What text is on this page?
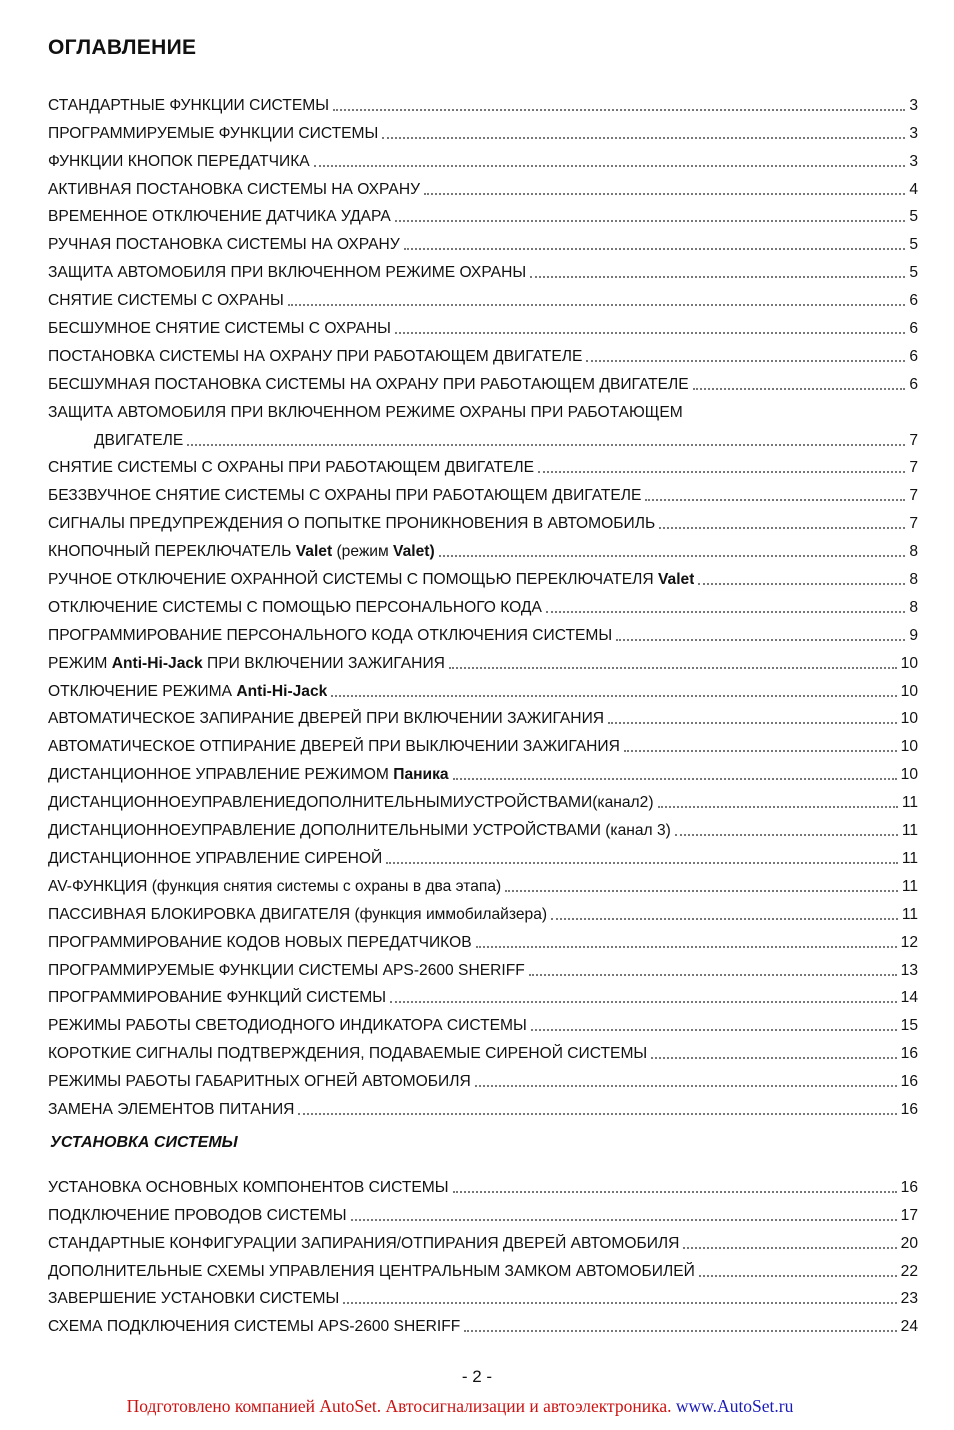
ОГЛАВЛЕНИЕ
СТАНДАРТНЫЕ ФУНКЦИИ СИСТЕМЫ	3
ПРОГРАММИРУЕМЫЕ ФУНКЦИИ СИСТЕМЫ	3
ФУНКЦИИ КНОПОК ПЕРЕДАТЧИКА	3
АКТИВНАЯ ПОСТАНОВКА СИСТЕМЫ НА ОХРАНУ	4
ВРЕМЕННОЕ ОТКЛЮЧЕНИЕ ДАТЧИКА УДАРА	5
РУЧНАЯ ПОСТАНОВКА СИСТЕМЫ НА ОХРАНУ	5
ЗАЩИТА АВТОМОБИЛЯ ПРИ ВКЛЮЧЕННОМ РЕЖИМЕ ОХРАНЫ	5
СНЯТИЕ СИСТЕМЫ С ОХРАНЫ	6
БЕСШУМНОЕ СНЯТИЕ СИСТЕМЫ С ОХРАНЫ	6
ПОСТАНОВКА СИСТЕМЫ НА ОХРАНУ ПРИ РАБОТАЮЩЕМ ДВИГАТЕЛЕ	6
БЕСШУМНАЯ ПОСТАНОВКА СИСТЕМЫ НА ОХРАНУ ПРИ РАБОТАЮЩЕМ ДВИГАТЕЛЕ	6
ЗАЩИТА АВТОМОБИЛЯ ПРИ ВКЛЮЧЕННОМ РЕЖИМЕ ОХРАНЫ ПРИ РАБОТАЮЩЕМ
ДВИГАТЕЛЕ	7
СНЯТИЕ СИСТЕМЫ С ОХРАНЫ ПРИ РАБОТАЮЩЕМ ДВИГАТЕЛЕ	7
БЕЗЗВУЧНОЕ СНЯТИЕ СИСТЕМЫ С ОХРАНЫ ПРИ РАБОТАЮЩЕМ ДВИГАТЕЛЕ	7
СИГНАЛЫ ПРЕДУПРЕЖДЕНИЯ О ПОПЫТКЕ ПРОНИКНОВЕНИЯ В АВТОМОБИЛЬ	7
КНОПОЧНЫЙ ПЕРЕКЛЮЧАТЕЛЬ Valet (режим Valet)	8
РУЧНОЕ ОТКЛЮЧЕНИЕ ОХРАННОЙ СИСТЕМЫ С ПОМОЩЬЮ ПЕРЕКЛЮЧАТЕЛЯ Valet	8
ОТКЛЮЧЕНИЕ СИСТЕМЫ С ПОМОЩЬЮ ПЕРСОНАЛЬНОГО КОДА	8
ПРОГРАММИРОВАНИЕ ПЕРСОНАЛЬНОГО КОДА ОТКЛЮЧЕНИЯ СИСТЕМЫ	9
РЕЖИМ Anti-Hi-Jack ПРИ ВКЛЮЧЕНИИ ЗАЖИГАНИЯ	10
ОТКЛЮЧЕНИЕ РЕЖИМА Anti-Hi-Jack	10
АВТОМАТИЧЕСКОЕ ЗАПИРАНИЕ ДВЕРЕЙ ПРИ ВКЛЮЧЕНИИ ЗАЖИГАНИЯ	10
АВТОМАТИЧЕСКОЕ ОТПИРАНИЕ ДВЕРЕЙ ПРИ ВЫКЛЮЧЕНИИ ЗАЖИГАНИЯ	10
ДИСТАНЦИОННОЕ УПРАВЛЕНИЕ РЕЖИМОМ Паника	10
ДИСТАНЦИОННОЕУПРАВЛЕНИЕДОПОЛНИТЕЛЬНЫМИУСТРОЙСТВАМИ(канал2)	11
ДИСТАНЦИОННОЕУПРАВЛЕНИЕ ДОПОЛНИТЕЛЬНЫМИ УСТРОЙСТВАМИ (канал 3)	11
ДИСТАНЦИОННОЕ УПРАВЛЕНИЕ СИРЕНОЙ	11
AV-ФУНКЦИЯ (функция снятия системы с охраны в два этапа)	11
ПАССИВНАЯ БЛОКИРОВКА ДВИГАТЕЛЯ (функция иммобилайзера)	11
ПРОГРАММИРОВАНИЕ КОДОВ НОВЫХ ПЕРЕДАТЧИКОВ	12
ПРОГРАММИРУЕМЫЕ ФУНКЦИИ СИСТЕМЫ APS-2600 SHERIFF	13
ПРОГРАММИРОВАНИЕ ФУНКЦИЙ СИСТЕМЫ	14
РЕЖИМЫ РАБОТЫ СВЕТОДИОДНОГО ИНДИКАТОРА СИСТЕМЫ	15
КОРОТКИЕ СИГНАЛЫ ПОДТВЕРЖДЕНИЯ, ПОДАВАЕМЫЕ СИРЕНОЙ СИСТЕМЫ	16
РЕЖИМЫ РАБОТЫ ГАБАРИТНЫХ ОГНЕЙ АВТОМОБИЛЯ	16
ЗАМЕНА ЭЛЕМЕНТОВ ПИТАНИЯ	16
УСТАНОВКА СИСТЕМЫ
УСТАНОВКА ОСНОВНЫХ КОМПОНЕНТОВ СИСТЕМЫ	16
ПОДКЛЮЧЕНИЕ ПРОВОДОВ СИСТЕМЫ	17
СТАНДАРТНЫЕ КОНФИГУРАЦИИ ЗАПИРАНИЯ/ОТПИРАНИЯ ДВЕРЕЙ АВТОМОБИЛЯ	20
ДОПОЛНИТЕЛЬНЫЕ СХЕМЫ УПРАВЛЕНИЯ ЦЕНТРАЛЬНЫМ ЗАМКОМ АВТОМОБИЛЕЙ	22
ЗАВЕРШЕНИЕ УСТАНОВКИ СИСТЕМЫ	23
СХЕМА ПОДКЛЮЧЕНИЯ СИСТЕМЫ APS-2600 SHERIFF	24
- 2 -
Подготовлено компанией AutoSet. Автосигнализации и автоэлектроника. www.AutoSet.ru
